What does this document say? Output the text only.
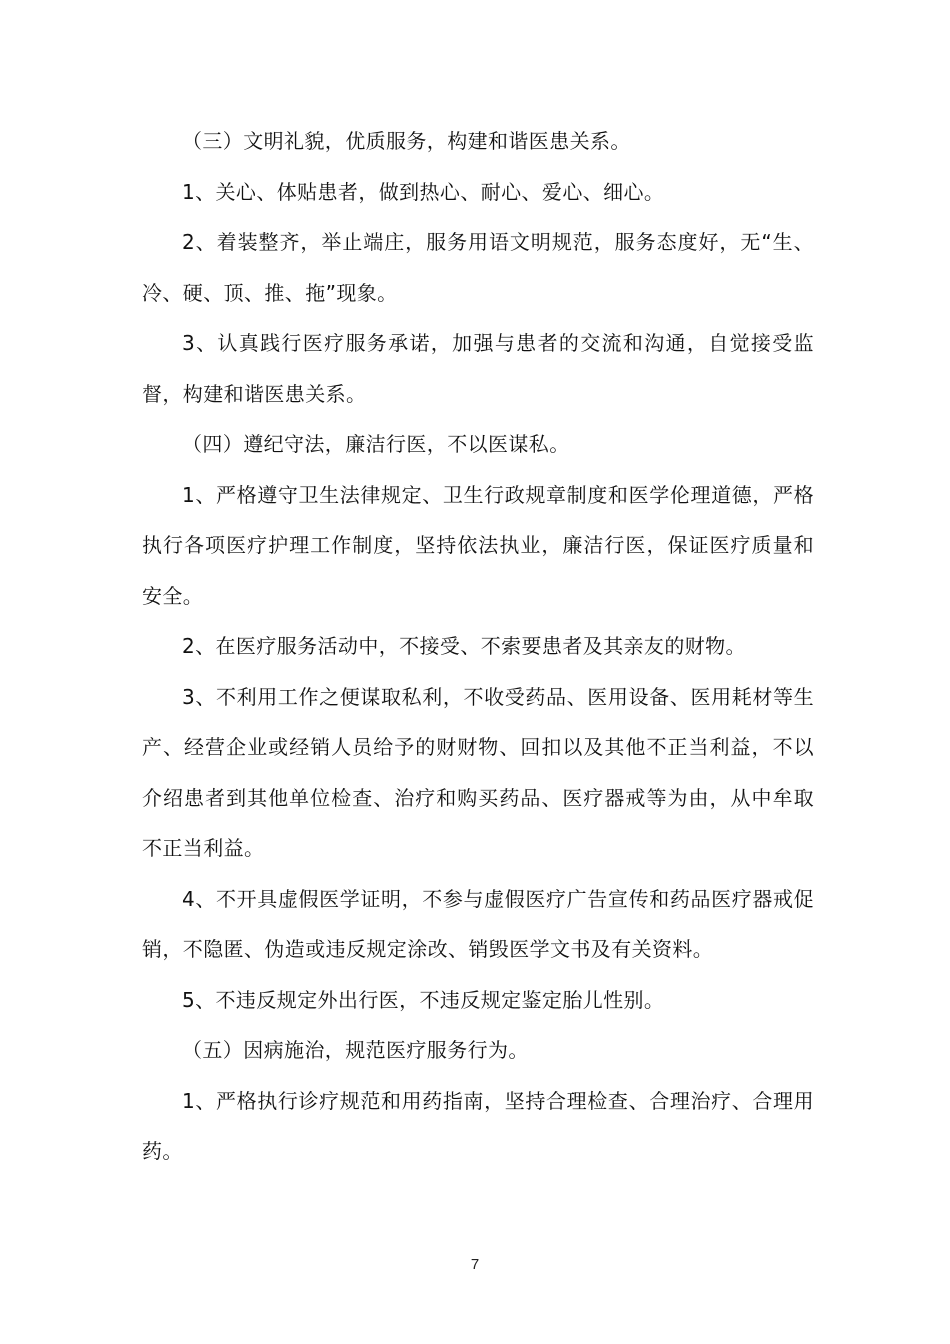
（三）文明礼貌，优质服务，构建和谐医患关系。

1、关心、体贴患者，做到热心、耐心、爱心、细心。

2、着装整齐，举止端庄，服务用语文明规范，服务态度好，无“生、冷、硬、顶、推、拖”现象。

3、认真践行医疗服务承诺，加强与患者的交流和沟通，自觉接受监督，构建和谐医患关系。

（四）遵纪守法，廉洁行医，不以医谋私。

1、严格遵守卫生法律规定、卫生行政规章制度和医学伦理道德，严格执行各项医疗护理工作制度，坚持依法执业，廉洁行医，保证医疗质量和安全。

2、在医疗服务活动中，不接受、不索要患者及其亲友的财物。

3、不利用工作之便谋取私利，不收受药品、医用设备、医用耗材等生产、经营企业或经销人员给予的财财物、回扣以及其他不正当利益，不以介绍患者到其他单位检查、治疗和购买药品、医疗器戒等为由，从中牟取不正当利益。

4、不开具虚假医学证明，不参与虚假医疗广告宣传和药品医疗器戒促销，不隐匿、伪造或违反规定涂改、销毁医学文书及有关资料。

5、不违反规定外出行医，不违反规定鉴定胎儿性别。

（五）因病施治，规范医疗服务行为。

1、严格执行诊疗规范和用药指南，坚持合理检查、合理治疗、合理用药。

7
